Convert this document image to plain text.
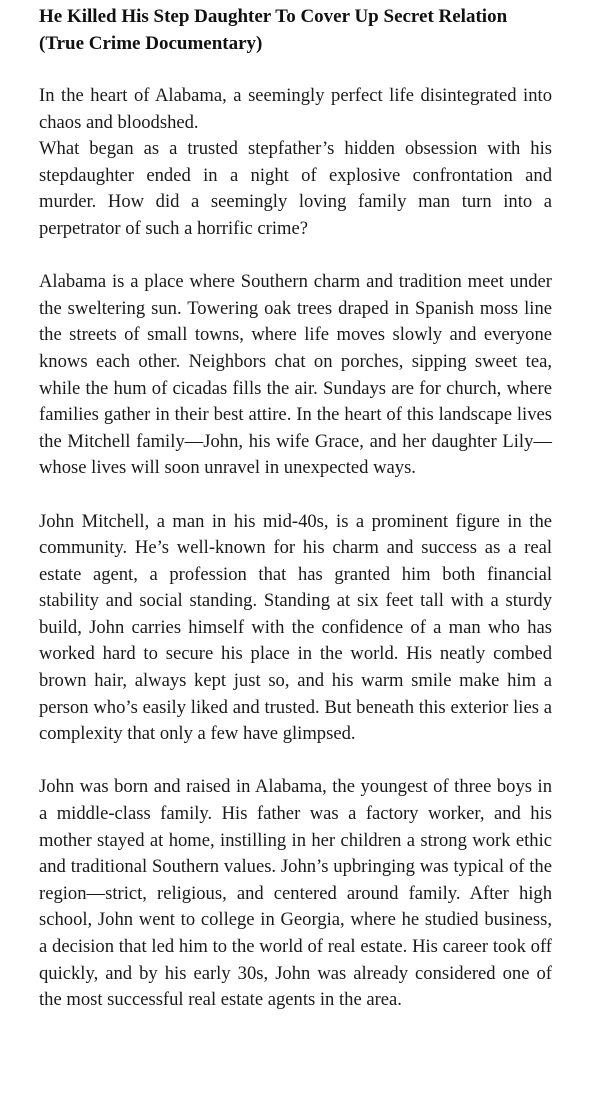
He Killed His Step Daughter To Cover Up Secret Relation (True Crime Documentary)

In the heart of Alabama, a seemingly perfect life disintegrated into chaos and bloodshed.

What began as a trusted stepfather’s hidden obsession with his stepdaughter ended in a night of explosive confrontation and murder. How did a seemingly loving family man turn into a perpetrator of such a horrific crime?

Alabama is a place where Southern charm and tradition meet under the sweltering sun. Towering oak trees draped in Spanish moss line the streets of small towns, where life moves slowly and everyone knows each other. Neighbors chat on porches, sipping sweet tea, while the hum of cicadas fills the air. Sundays are for church, where families gather in their best attire. In the heart of this landscape lives the Mitchell family—John, his wife Grace, and her daughter Lily—whose lives will soon unravel in unexpected ways.

John Mitchell, a man in his mid-40s, is a prominent figure in the community. He’s well-known for his charm and success as a real estate agent, a profession that has granted him both financial stability and social standing. Standing at six feet tall with a sturdy build, John carries himself with the confidence of a man who has worked hard to secure his place in the world. His neatly combed brown hair, always kept just so, and his warm smile make him a person who’s easily liked and trusted. But beneath this exterior lies a complexity that only a few have glimpsed.

John was born and raised in Alabama, the youngest of three boys in a middle-class family. His father was a factory worker, and his mother stayed at home, instilling in her children a strong work ethic and traditional Southern values. John’s upbringing was typical of the region—strict, religious, and centered around family. After high school, John went to college in Georgia, where he studied business, a decision that led him to the world of real estate. His career took off quickly, and by his early 30s, John was already considered one of the most successful real estate agents in the area.
